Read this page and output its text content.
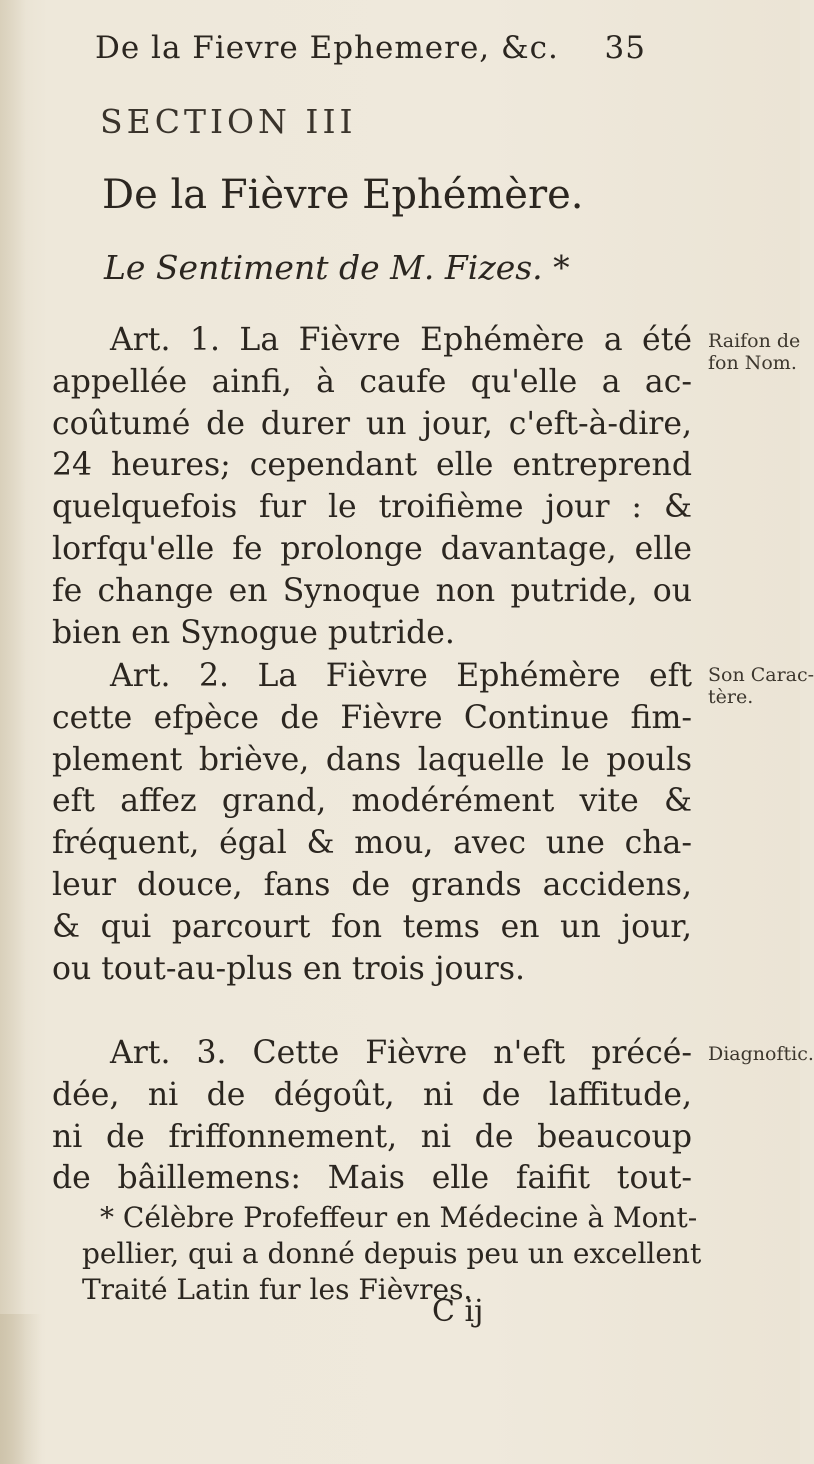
De la Fievre Ephemere, &c. 35
SECTION III
De la Fièvre Ephémère.
Le Sentiment de M. Fizes. *
Art. 1. La Fièvre Ephémère a été
appellée ainfi, à caufe qu'elle a ac-
coûtumé de durer un jour, c'eft-à-dire,
24 heures; cependant elle entreprend
quelquefois fur le troifième jour : &
lorfqu'elle fe prolonge davantage, elle
fe change en Synoque non putride, ou
bien en Synogue putride.
Art. 2. La Fièvre Ephémère eft
cette efpèce de Fièvre Continue fim-
plement briève, dans laquelle le pouls
eft affez grand, modérément vite &
fréquent, égal & mou, avec une cha-
leur douce, fans de grands accidens,
& qui parcourt fon tems en un jour,
ou tout-au-plus en trois jours.
Art. 3. Cette Fièvre n'eft précé-
dée, ni de dégoût, ni de laffitude,
ni de friffonnement, ni de beaucoup
de bâillemens: Mais elle faifit tout-
Raifon de
fon Nom.
Son Carac-
tère.
Diagnoftic.
* Célèbre Profeffeur en Médecine à Mont-
pellier, qui a donné depuis peu un excellent
Traité Latin fur les Fièvres.
C ij
